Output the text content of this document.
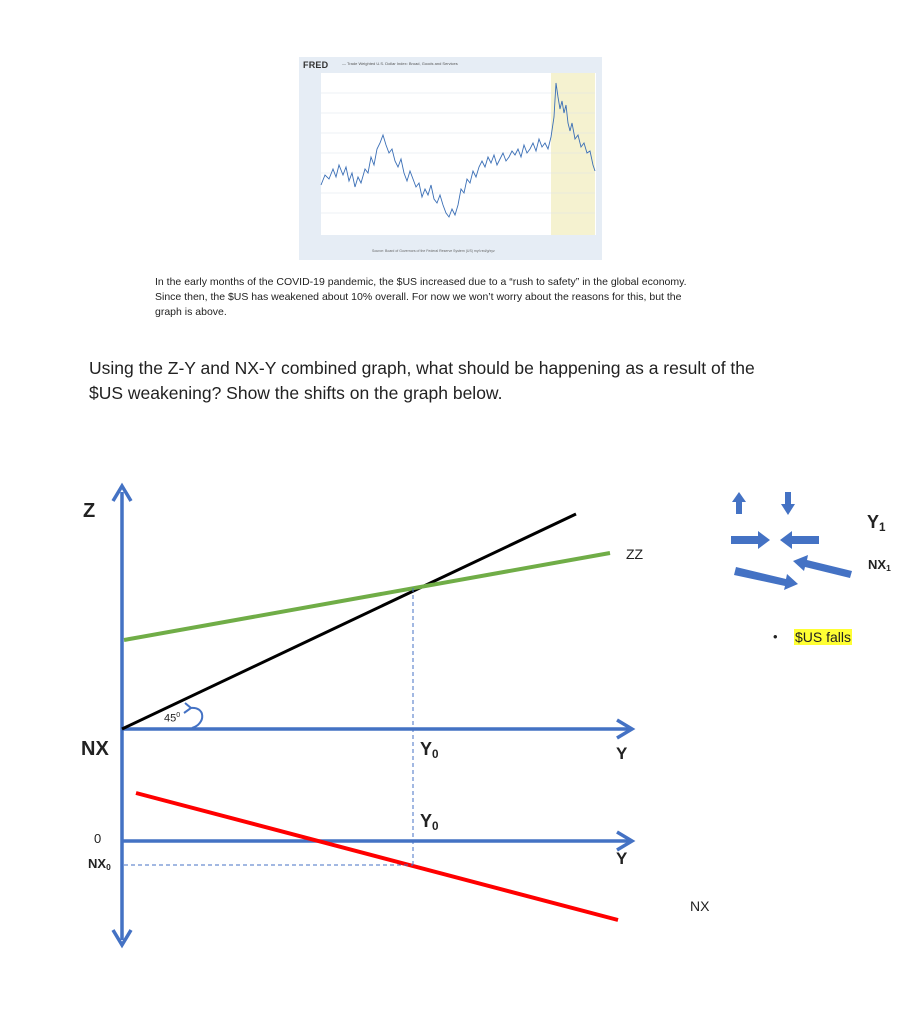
FRED	— Trade Weighted U.S. Dollar Index: Broad, Goods and Services
Source: Board of Governors of the Federal Reserve System (US) myf.red/g/xyz
In the early months of the COVID-19 pandemic, the $US increased due to a “rush to safety” in the global economy.
Since then, the $US has weakened about 10% overall. For now we won’t worry about the reasons for this, but the
graph is above.
Using the Z-Y and NX-Y combined graph, what should be happening as a result of the
$US weakening? Show the shifts on the graph below.
Z
NX
0
$NX_0$
Y
Y
$Y_0$
$Y_0$
$45^0$
ZZ
NX
$Y_1$
$NX_1$
• $US falls
